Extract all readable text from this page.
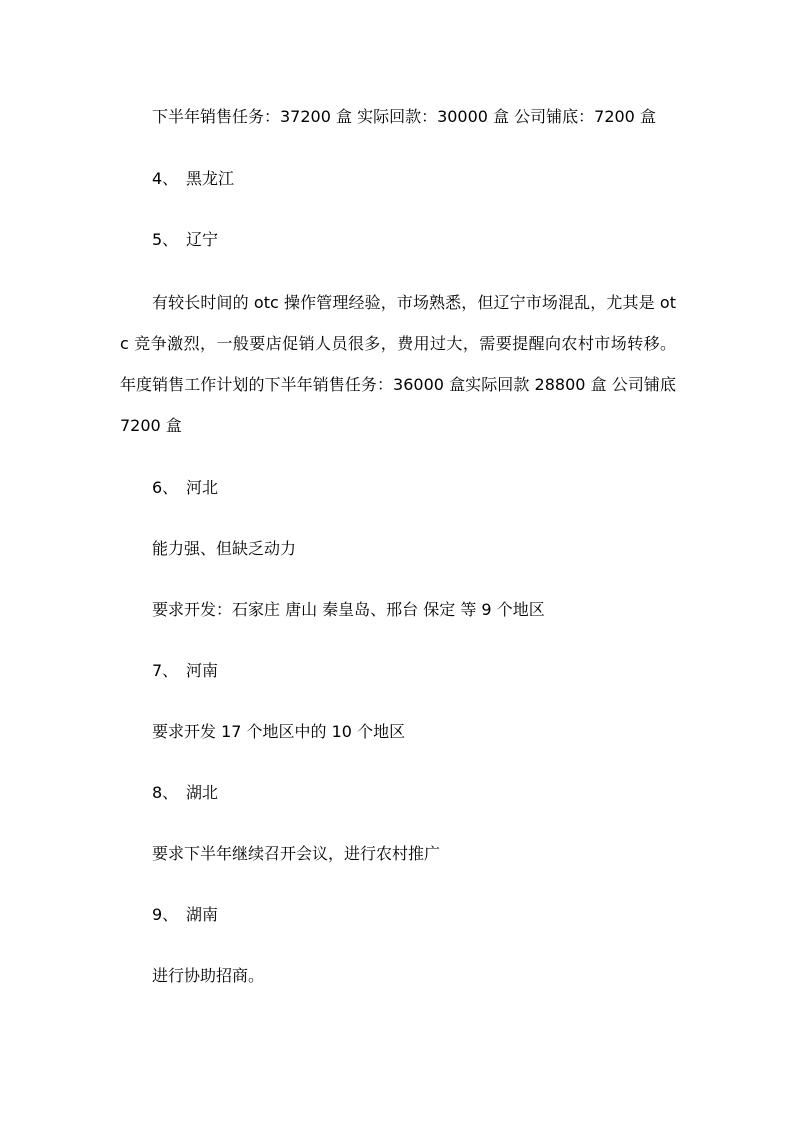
下半年销售任务：37200 盒 实际回款：30000 盒 公司铺底：7200 盒
4、 黑龙江
5、 辽宁
有较长时间的 otc 操作管理经验，市场熟悉，但辽宁市场混乱，尤其是 otc 竞争激烈，一般要店促销人员很多，费用过大，需要提醒向农村市场转移。年度销售工作计划的下半年销售任务：36000 盒实际回款 28800 盒 公司铺底 7200 盒
6、 河北
能力强、但缺乏动力
要求开发：石家庄 唐山 秦皇岛、邢台 保定 等 9 个地区
7、 河南
要求开发 17 个地区中的 10 个地区
8、 湖北
要求下半年继续召开会议，进行农村推广
9、 湖南
进行协助招商。
